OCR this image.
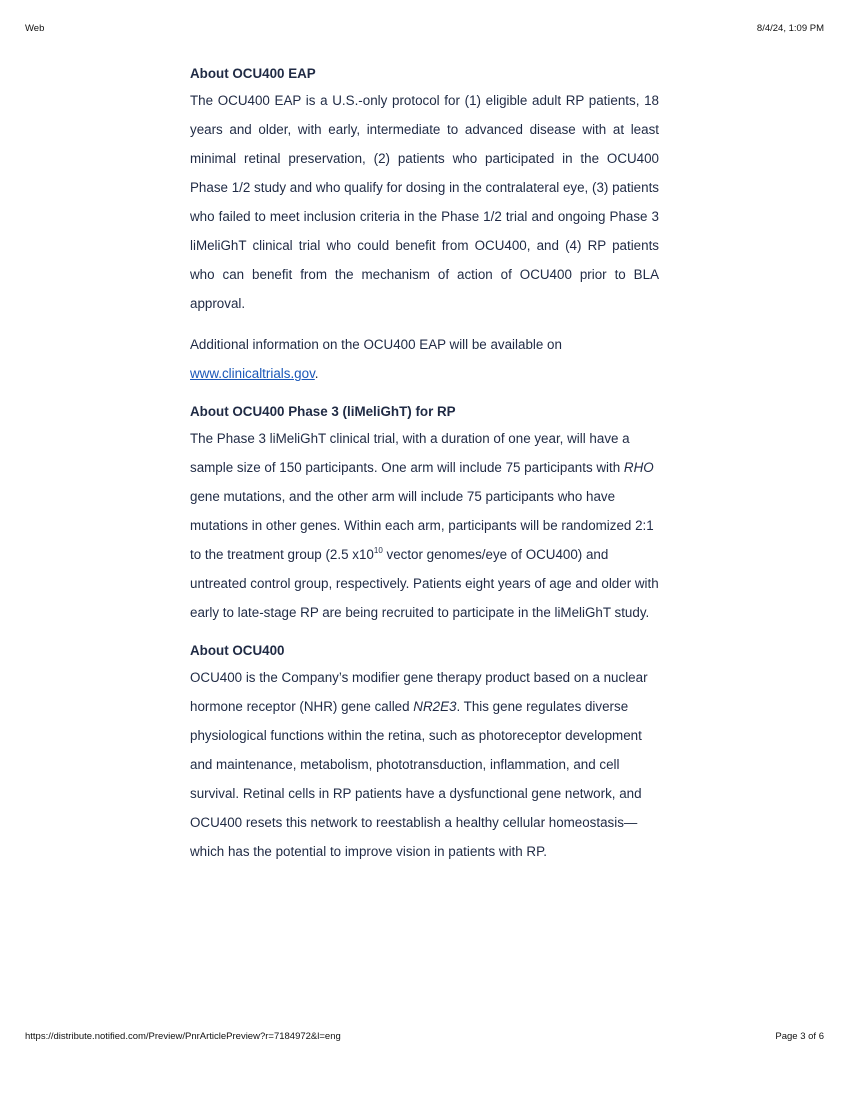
Web	8/4/24, 1:09 PM
About OCU400 EAP

The OCU400 EAP is a U.S.-only protocol for (1) eligible adult RP patients, 18 years and older, with early, intermediate to advanced disease with at least minimal retinal preservation, (2) patients who participated in the OCU400 Phase 1/2 study and who qualify for dosing in the contralateral eye, (3) patients who failed to meet inclusion criteria in the Phase 1/2 trial and ongoing Phase 3 liMeliGhT clinical trial who could benefit from OCU400, and (4) RP patients who can benefit from the mechanism of action of OCU400 prior to BLA approval.

Additional information on the OCU400 EAP will be available on www.clinicaltrials.gov.

About OCU400 Phase 3 (liMeliGhT) for RP

The Phase 3 liMeliGhT clinical trial, with a duration of one year, will have a sample size of 150 participants. One arm will include 75 participants with RHO gene mutations, and the other arm will include 75 participants who have mutations in other genes. Within each arm, participants will be randomized 2:1 to the treatment group (2.5 $x10^{10}$ vector genomes/eye of OCU400) and untreated control group, respectively. Patients eight years of age and older with early to late-stage RP are being recruited to participate in the liMeliGhT study.

About OCU400

OCU400 is the Company’s modifier gene therapy product based on a nuclear hormone receptor (NHR) gene called NR2E3. This gene regulates diverse physiological functions within the retina, such as photoreceptor development and maintenance, metabolism, phototransduction, inflammation, and cell survival. Retinal cells in RP patients have a dysfunctional gene network, and OCU400 resets this network to reestablish a healthy cellular homeostasis—which has the potential to improve vision in patients with RP.

https://distribute.notified.com/Preview/PnrArticlePreview?r=7184972&l=eng	Page 3 of 6
